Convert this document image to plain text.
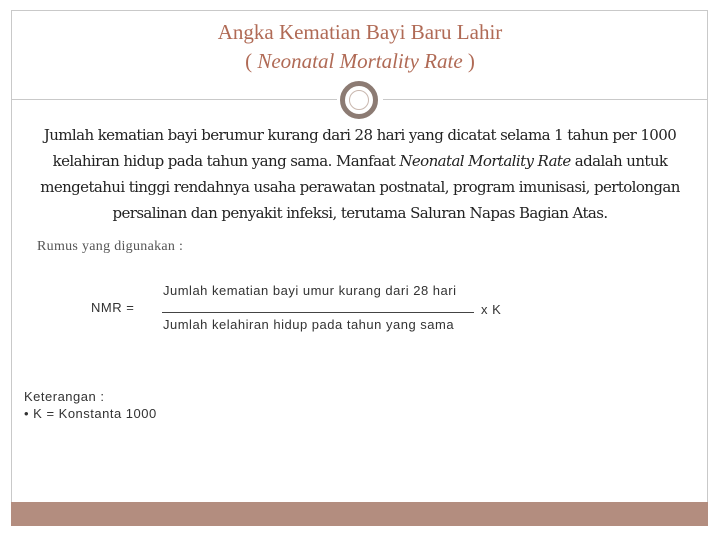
Angka Kematian Bayi Baru Lahir
( Neonatal Mortality Rate )
Jumlah kematian bayi berumur kurang dari 28 hari yang dicatat selama 1 tahun per 1000 kelahiran hidup pada tahun yang sama. Manfaat Neonatal Mortality Rate adalah untuk mengetahui tinggi rendahnya usaha perawatan postnatal, program imunisasi, pertolongan persalinan dan penyakit infeksi, terutama Saluran Napas Bagian Atas.
Rumus yang digunakan :
NMR =
Jumlah kematian bayi umur kurang dari 28 hari
Jumlah kelahiran hidup pada tahun yang sama
x K
Keterangan :
• K = Konstanta 1000
